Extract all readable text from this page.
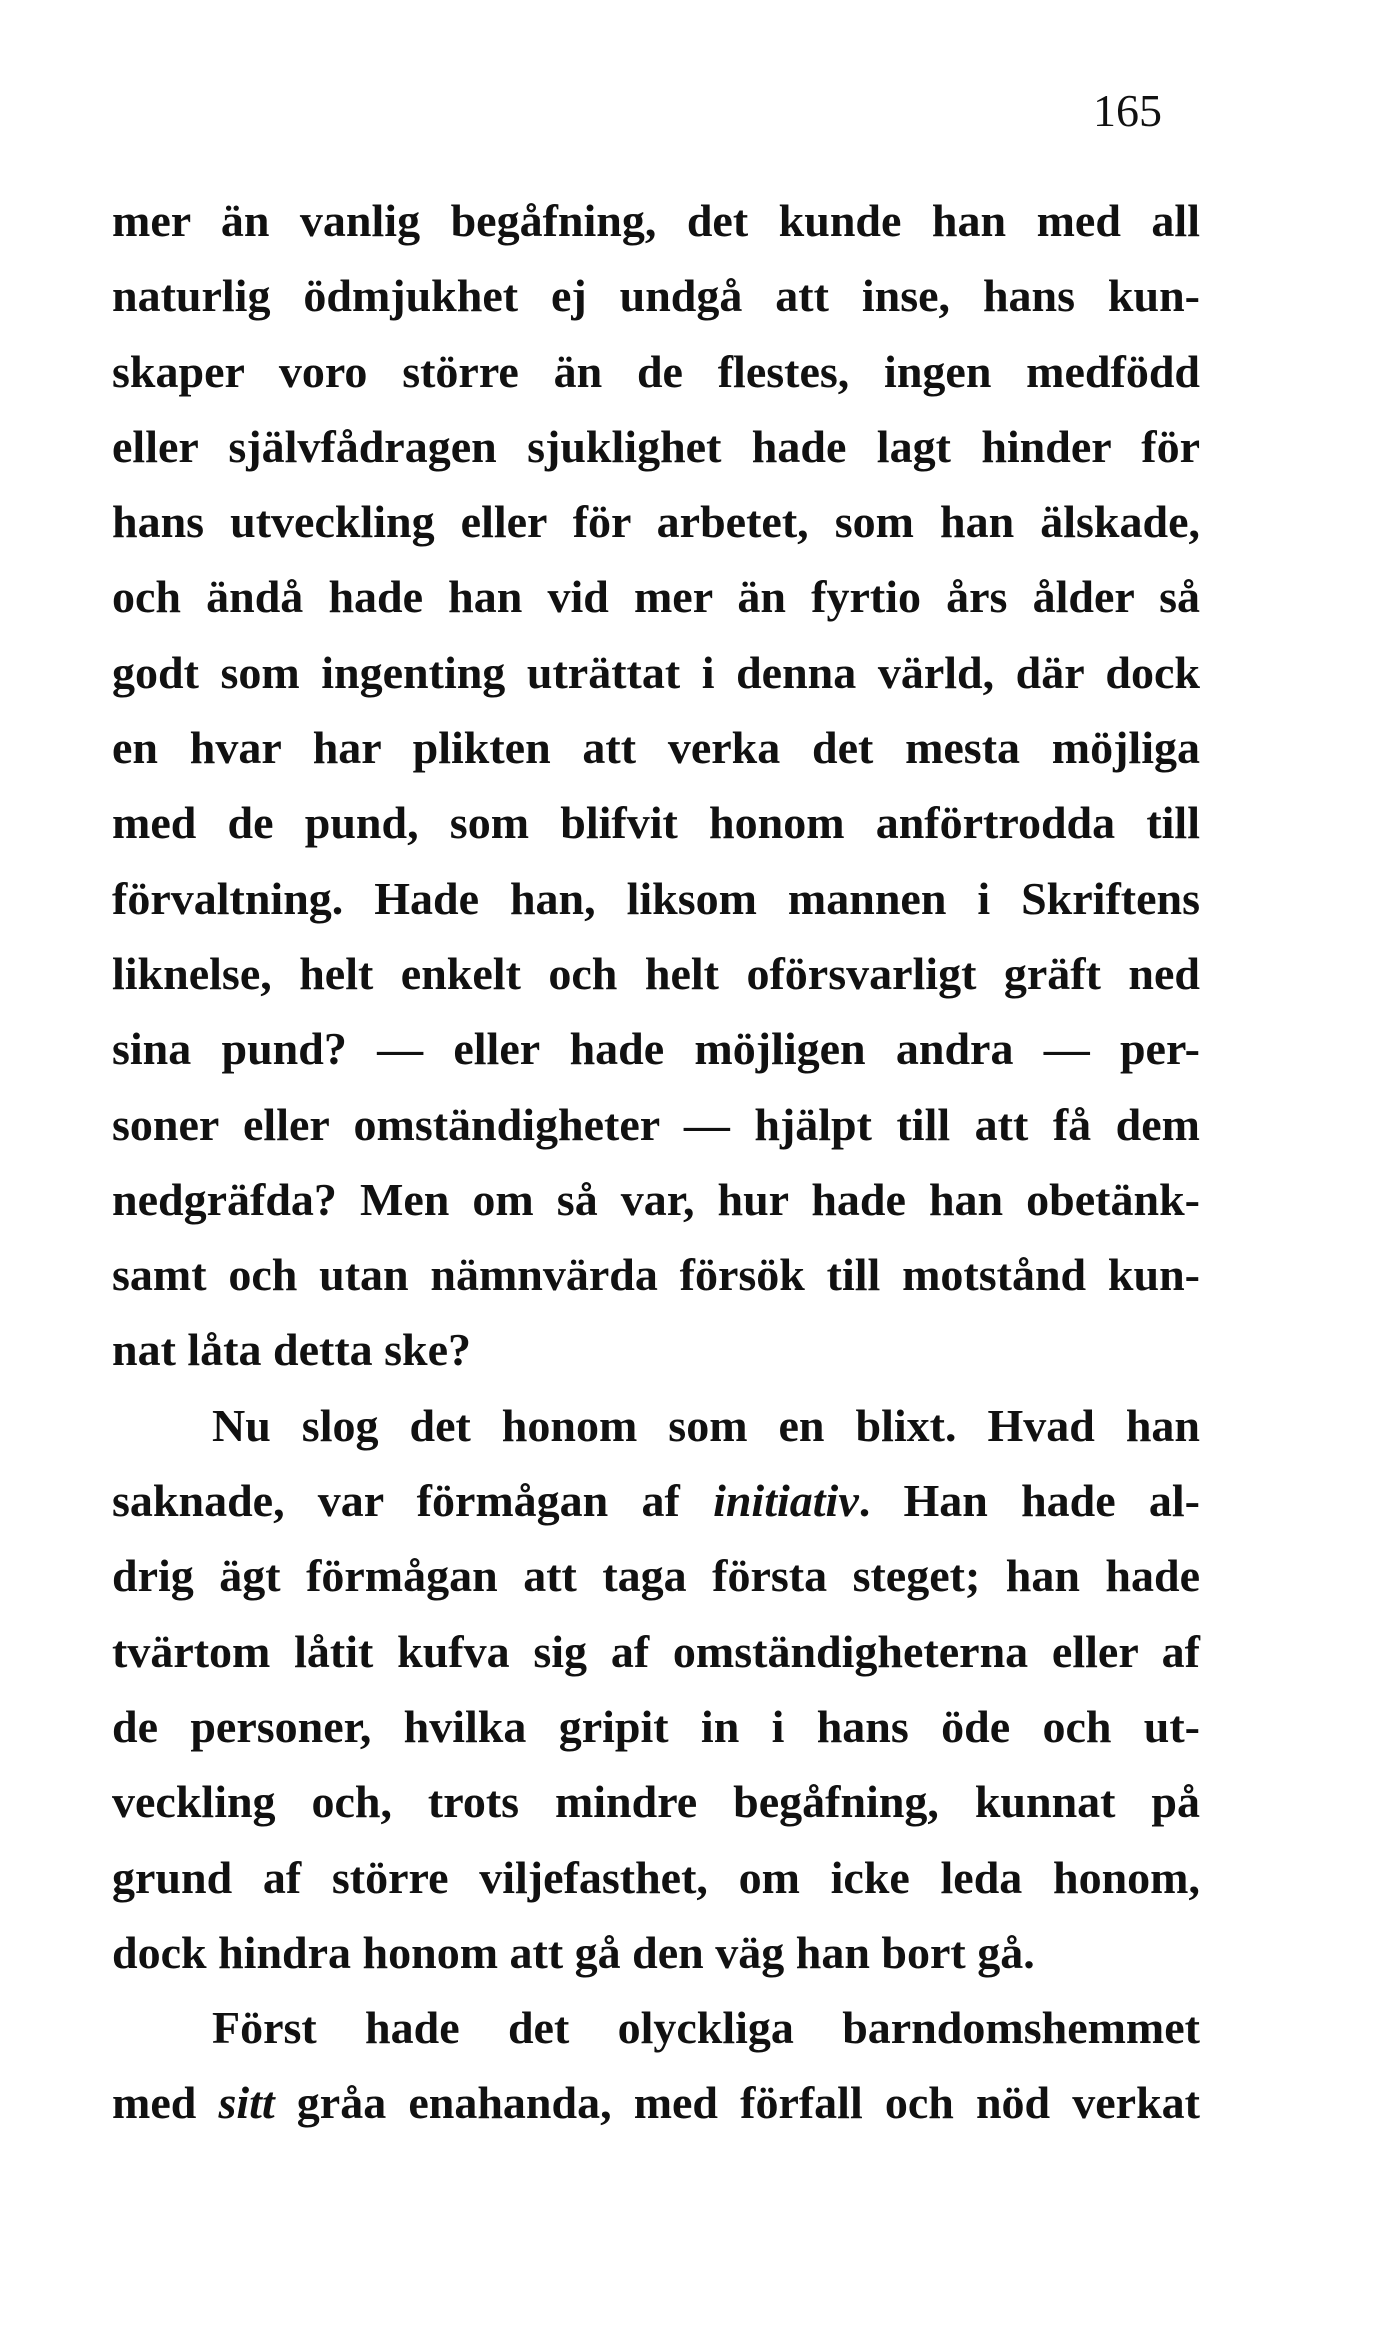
165
mer än vanlig begåfning, det kunde han med all
naturlig ödmjukhet ej undgå att inse, hans kun-
skaper voro större än de flestes, ingen medfödd
eller självfådragen sjuklighet hade lagt hinder för
hans utveckling eller för arbetet, som han älskade,
och ändå hade han vid mer än fyrtio års ålder så
godt som ingenting uträttat i denna värld, där dock
en hvar har plikten att verka det mesta möjliga
med de pund, som blifvit honom anförtrodda till
förvaltning. Hade han, liksom mannen i Skriftens
liknelse, helt enkelt och helt oförsvarligt gräft ned
sina pund? — eller hade möjligen andra — per-
soner eller omständigheter — hjälpt till att få dem
nedgräfda? Men om så var, hur hade han obetänk-
samt och utan nämnvärda försök till motstånd kun-
nat låta detta ske?
Nu slog det honom som en blixt. Hvad han
saknade, var förmågan af initiativ. Han hade al-
drig ägt förmågan att taga första steget; han hade
tvärtom låtit kufva sig af omständigheterna eller af
de personer, hvilka gripit in i hans öde och ut-
veckling och, trots mindre begåfning, kunnat på
grund af större viljefasthet, om icke leda honom,
dock hindra honom att gå den väg han bort gå.
Först hade det olyckliga barndomshemmet
med sitt gråa enahanda, med förfall och nöd verkat
